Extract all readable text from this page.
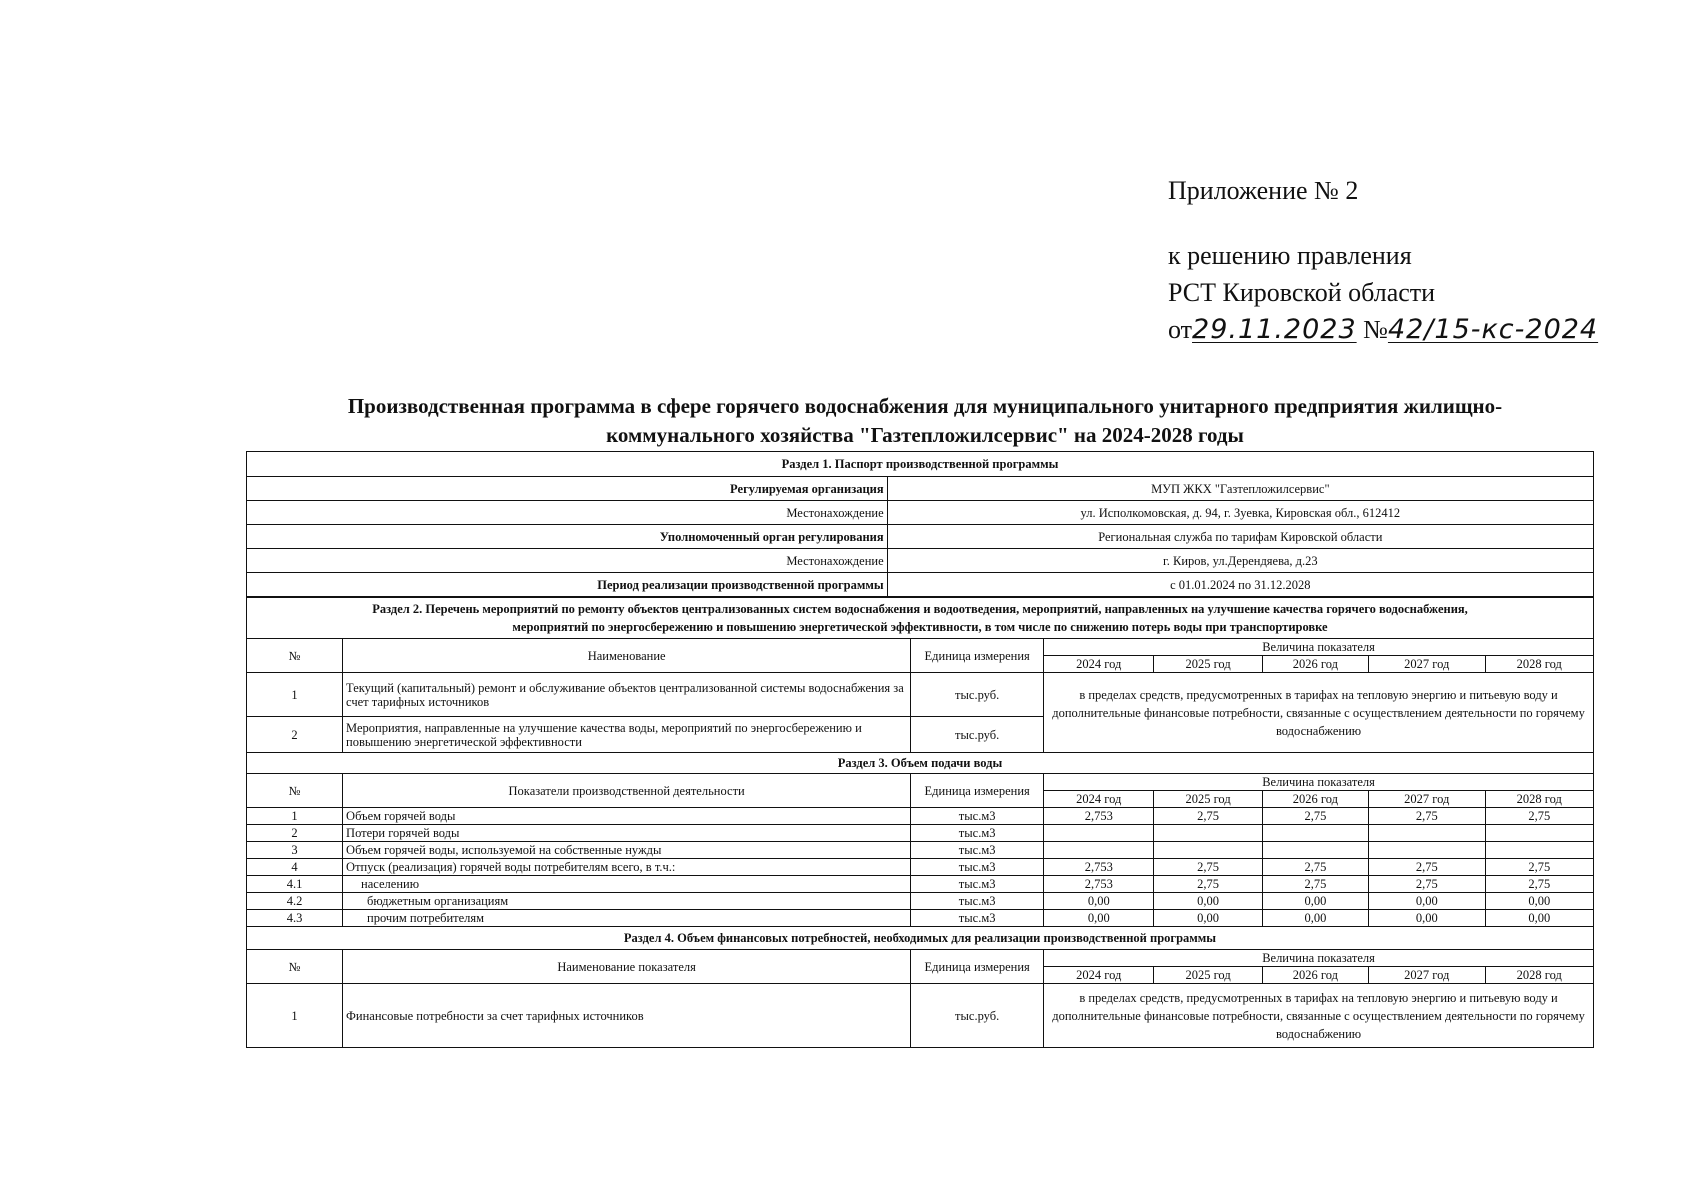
Приложение № 2
к решению правления
РСТ Кировской области
от29.11.2023 №42/15-кс-2024
Производственная программа в сфере горячего водоснабжения для муниципального унитарного предприятия жилищно-
коммунального хозяйства "Газтепложилсервис" на 2024-2028 годы
Раздел 1. Паспорт производственной программы	
Регулируемая организация	МУП ЖКХ "Газтепложилсервис"
Местонахождение	ул. Исполкомовская, д. 94, г. Зуевка, Кировская обл., 612412
Уполномоченный орган регулирования	Региональная служба по тарифам Кировской области
Местонахождение	г. Киров, ул.Дерендяева, д.23
Период реализации производственной программы	с 01.01.2024 по 31.12.2028
Раздел 2. Перечень мероприятий по ремонту объектов централизованных систем водоснабжения и водоотведения, мероприятий, направленных на улучшение качества горячего водоснабжения,
мероприятий по энергосбережению и повышению энергетической эффективности, в том числе по снижению потерь воды при транспортировке							

№	Наименование	Единица измерения	Величина показателя				
			2024 год	2025 год	2026 год	2027 год	2028 год
1	Текущий (капитальный) ремонт и обслуживание объектов централизованной системы водоснабжения за счет тарифных источников	тыс.руб.	в пределах средств, предусмотренных в тарифах на тепловую энергию и питьевую воду и дополнительные финансовые потребности, связанные с осуществлением деятельности по горячему водоснабжению				
2	Мероприятия, направленные на улучшение качества воды, мероприятий по энергосбережению и повышению энергетической эффективности	тыс.руб.					
Раздел 3. Объем подачи воды							
№	Показатели производственной деятельности	Единица измерения	Величина показателя				
			2024 год	2025 год	2026 год	2027 год	2028 год
1	Объем горячей воды	тыс.м3	2,753	2,75	2,75	2,75	2,75
2	Потери горячей воды	тыс.м3					
3	Объем горячей воды, используемой на собственные нужды	тыс.м3					
4	Отпуск (реализация) горячей воды потребителям всего, в т.ч.:	тыс.м3	2,753	2,75	2,75	2,75	2,75
4.1	населению	тыс.м3	2,753	2,75	2,75	2,75	2,75
4.2	бюджетным организациям	тыс.м3	0,00	0,00	0,00	0,00	0,00
4.3	прочим потребителям	тыс.м3	0,00	0,00	0,00	0,00	0,00
Раздел 4. Объем финансовых потребностей, необходимых для реализации производственной программы							
№	Наименование показателя	Единица измерения	Величина показателя				
			2024 год	2025 год	2026 год	2027 год	2028 год
1	Финансовые потребности за счет тарифных источников	тыс.руб.	в пределах средств, предусмотренных в тарифах на тепловую энергию и питьевую воду и дополнительные финансовые потребности, связанные с осуществлением деятельности по горячему водоснабжению				
